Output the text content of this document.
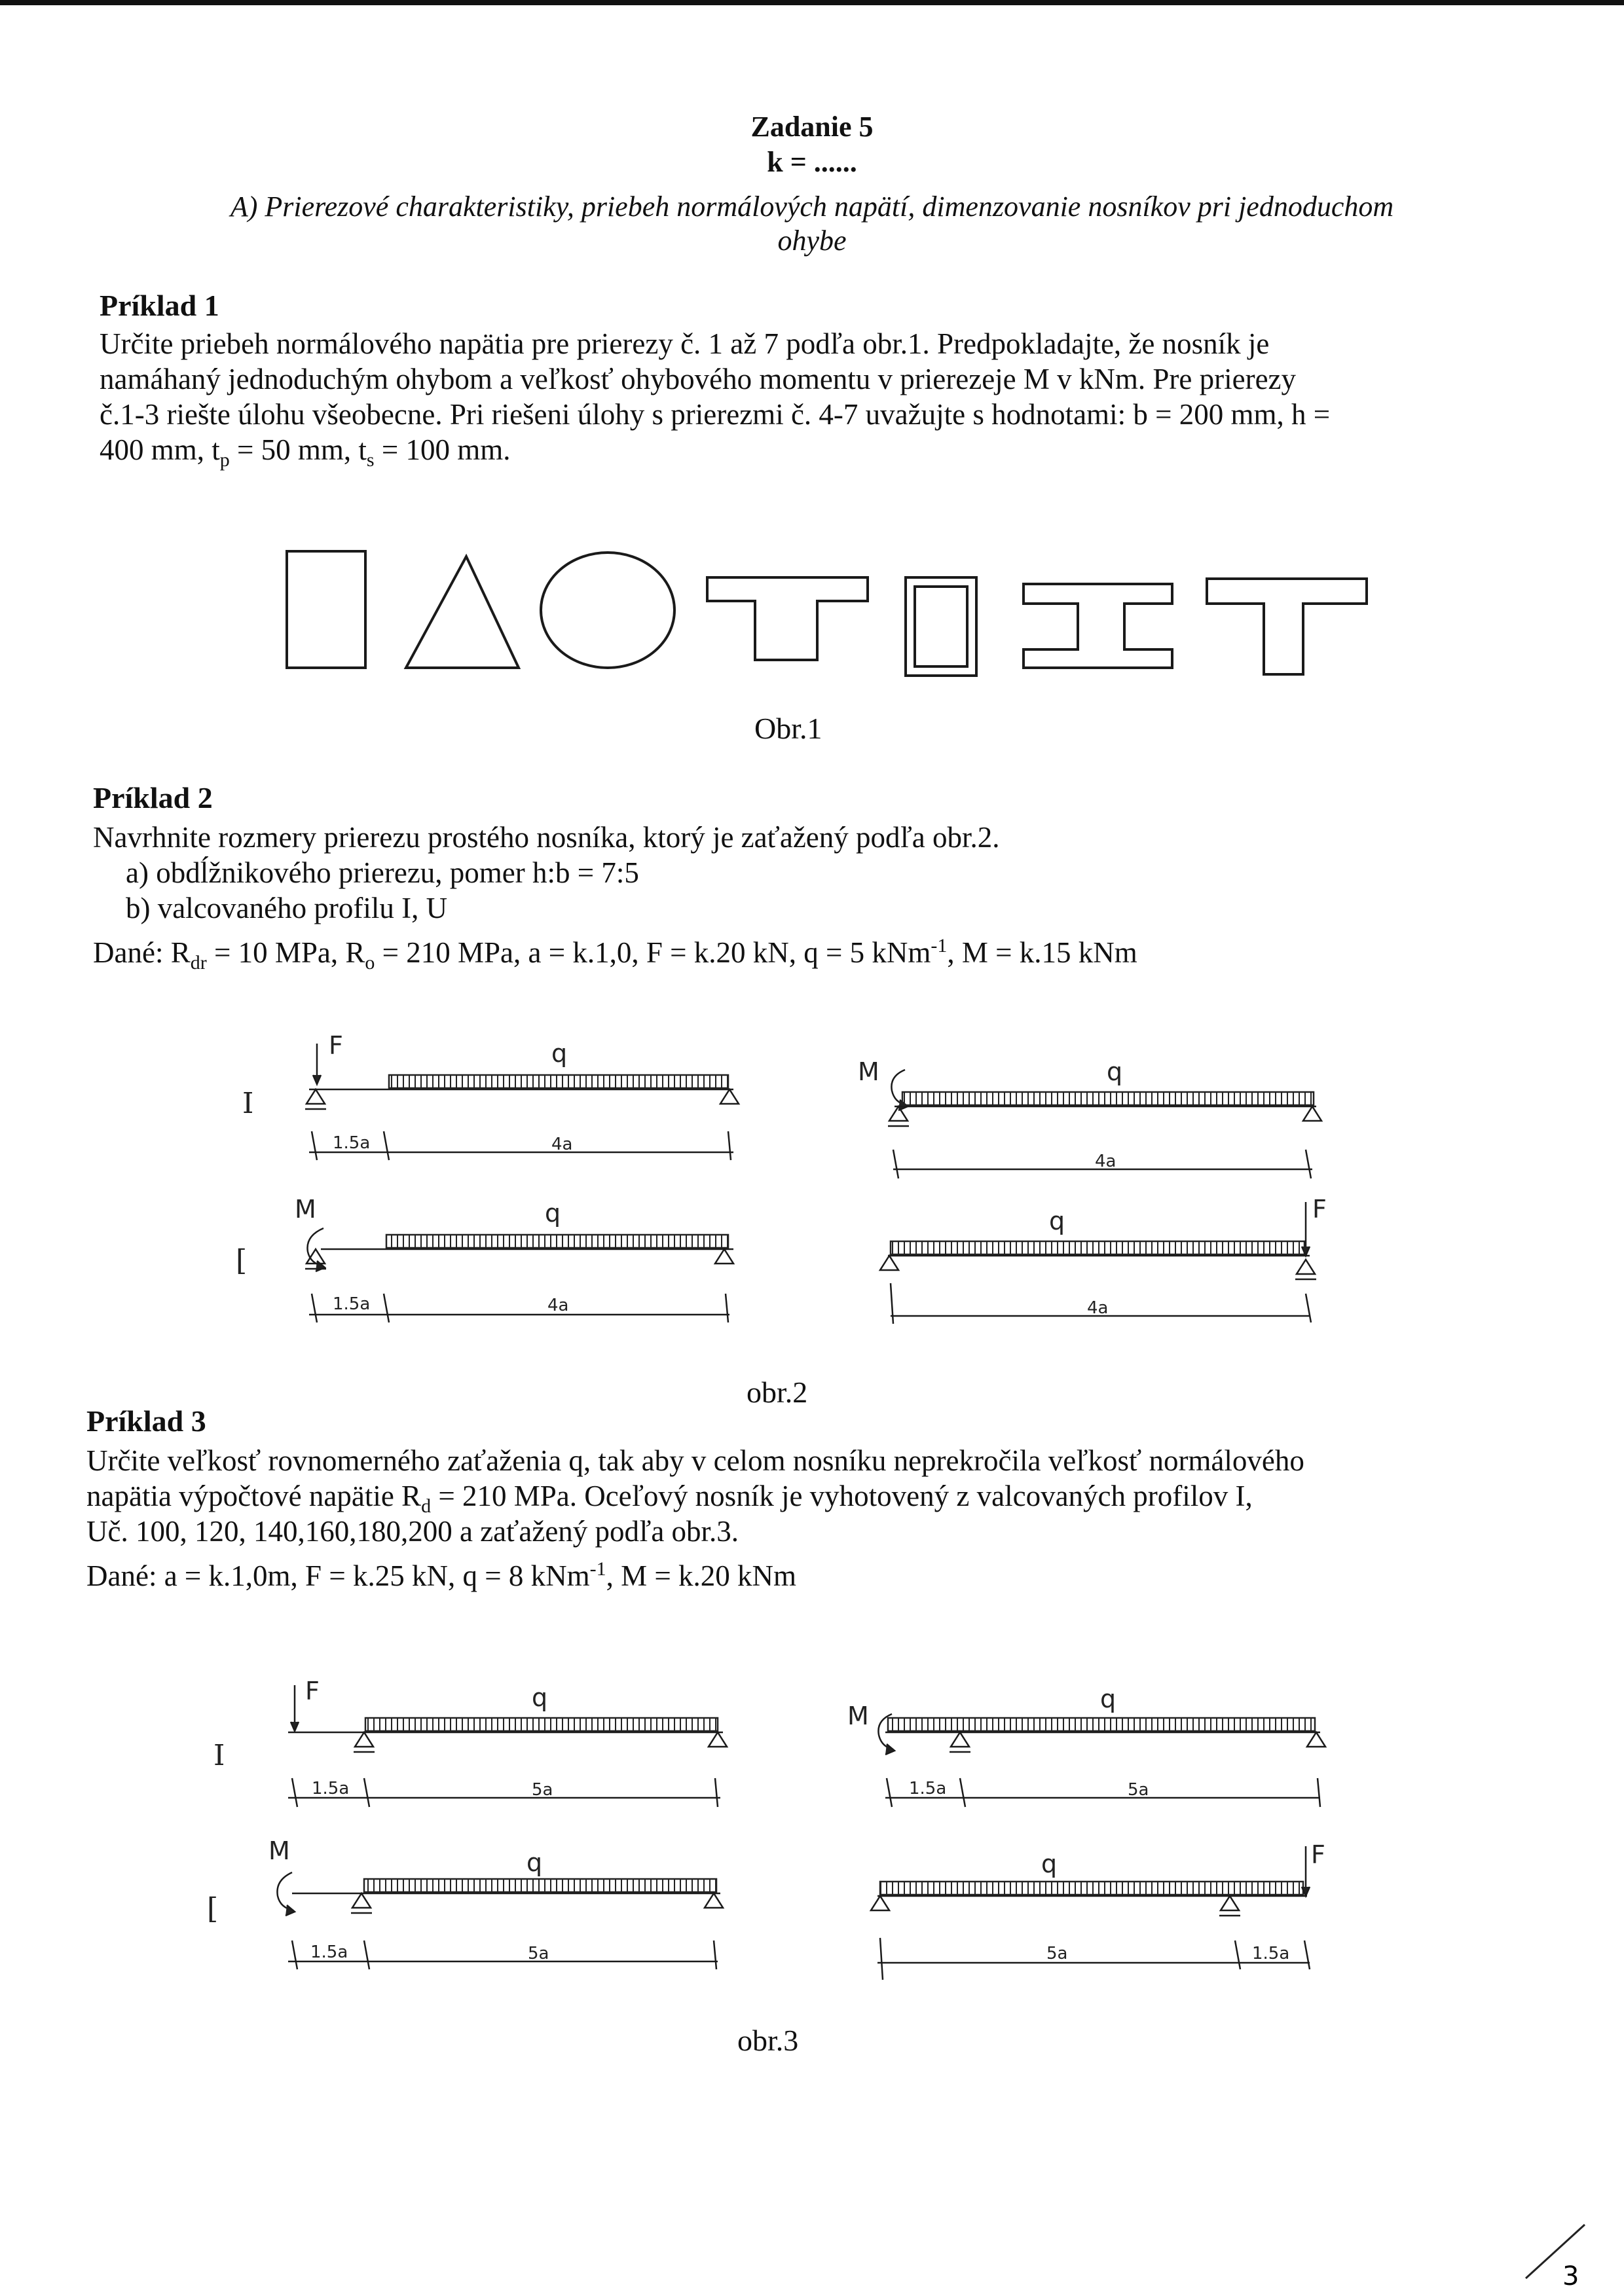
Zadanie 5
k = ......
A) Prierezové charakteristiky, priebeh normálových napätí, dimenzovanie nosníkov pri jednoduchom
ohybe
Príklad 1
Určite priebeh normálového napätia pre prierezy č. 1 až 7 podľa obr.1. Predpokladajte, že nosník je
namáhaný jednoduchým ohybom a veľkosť ohybového momentu v prierezeje M v kNm. Pre prierezy
č.1-3 riešte úlohu všeobecne. Pri riešeni úlohy s prierezmi č. 4-7 uvažujte s hodnotami: b = 200 mm, h =
400 mm, $t_p = 50$ mm, $t_s = 100$ mm.
Obr.1
Príklad 2
Navrhnite rozmery prierezu prostého nosníka, ktorý je zaťažený podľa obr.2.
a) obdĺžnikového prierezu, pomer h:b = 7:5
b) valcovaného profilu I, U
Dané: $R_{dr} = 10$ MPa, $R_o = 210$ MPa, a = k.1,0, F = k.20 kN, q = 5 kNm$^{-1}$, M = k.15 kNm
I
F	q
1.5a	4a
M	q
4a
[
M	q
1.5a	4a
q	F
4a
obr.2
Príklad 3
Určite veľkosť rovnomerného zaťaženia q, tak aby v celom nosníku neprekročila veľkosť normálového
napätia výpočtové napätie $R_d = 210$ MPa. Oceľový nosník je vyhotovený z valcovaných profilov I,
Uč. 100, 120, 140,160,180,200 a zaťažený podľa obr.3.
Dané: a = k.1,0m, F = k.25 kN, q = 8 kNm$^{-1}$, M = k.20 kNm
I
F	q
1.5a	5a
M
q
1.5a	5a
[
M	q
1.5a	5a
q	F
5a	1.5a
obr.3
3
